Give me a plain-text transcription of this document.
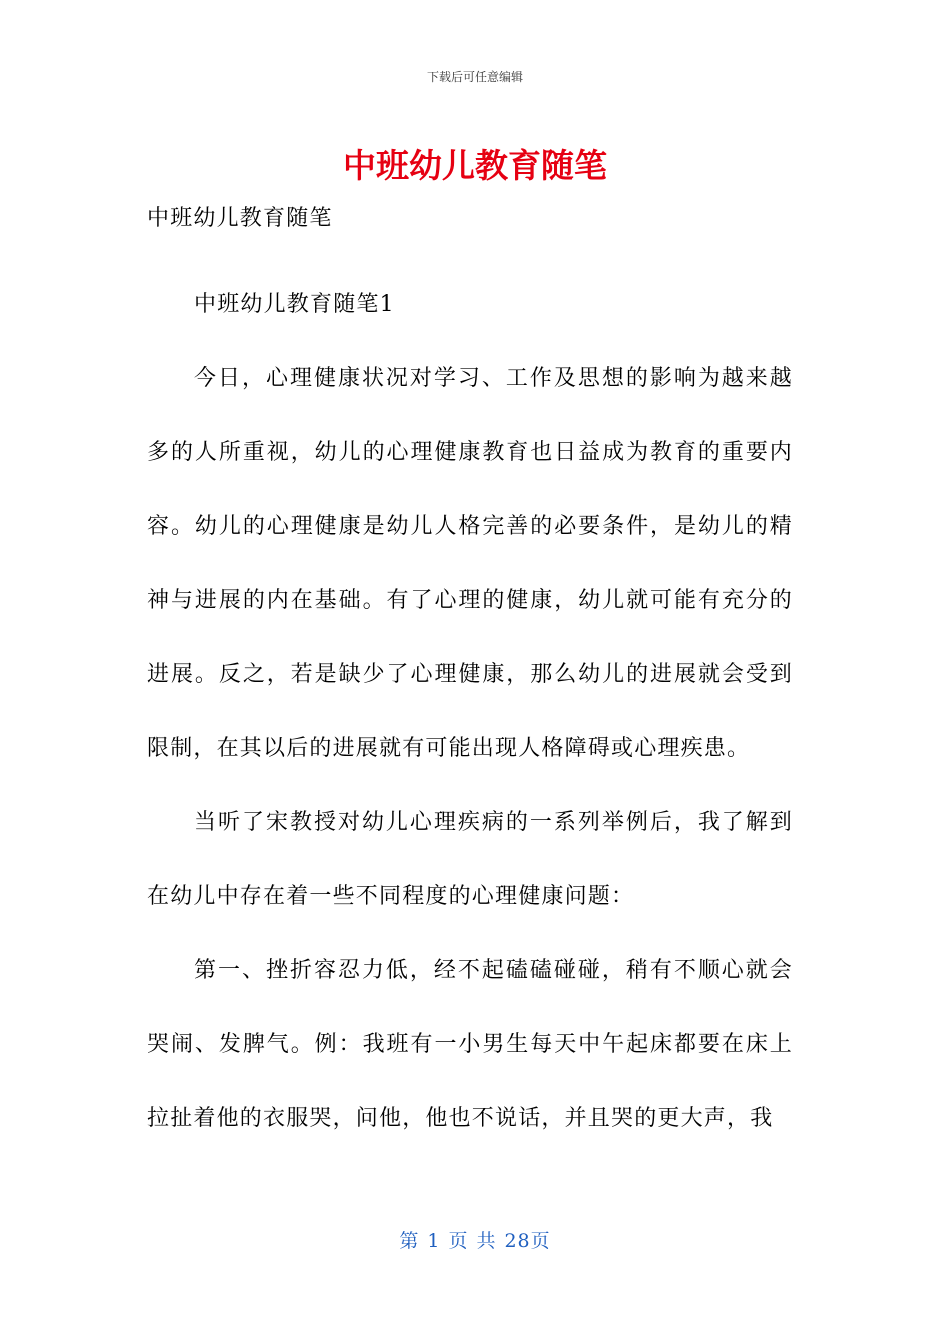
下载后可任意编辑
中班幼儿教育随笔

中班幼儿教育随笔

中班幼儿教育随笔1

今日，心理健康状况对学习、工作及思想的影响为越来越多的人所重视，幼儿的心理健康教育也日益成为教育的重要内容。幼儿的心理健康是幼儿人格完善的必要条件，是幼儿的精神与进展的内在基础。有了心理的健康，幼儿就可能有充分的进展。反之，若是缺少了心理健康，那么幼儿的进展就会受到限制，在其以后的进展就有可能出现人格障碍或心理疾患。

当听了宋教授对幼儿心理疾病的一系列举例后，我了解到在幼儿中存在着一些不同程度的心理健康问题：

第一、挫折容忍力低，经不起磕磕碰碰，稍有不顺心就会哭闹、发脾气。例：我班有一小男生每天中午起床都要在床上拉扯着他的衣服哭，问他，他也不说话，并且哭的更大声，我

第 1 页 共 28页
